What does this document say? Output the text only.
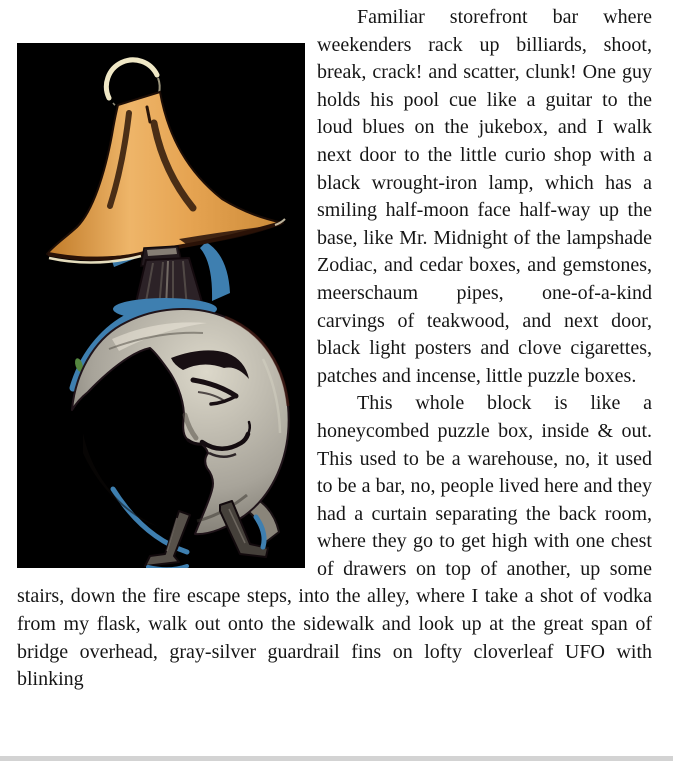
Familiar storefront bar where weekenders rack up billiards, shoot, break, crack! and scatter, clunk! One guy holds his pool cue like a guitar to the loud blues on the jukebox, and I walk next door to the little curio shop with a black wrought-iron lamp, which has a smiling half-moon face half-way up the base, like Mr. Midnight of the lampshade Zodiac, and cedar boxes, and gemstones, meerschaum pipes, one-of-a-kind carvings of teakwood, and next door, black light posters and clove cigarettes, patches and incense, little puzzle boxes.

This whole block is like a honeycombed puzzle box, inside & out. This used to be a warehouse, no, it used to be a bar, no, people lived here and they had a curtain separating the back room, where they go to get high with one chest of drawers on top of another, up some stairs, down the fire escape steps, into the alley, where I take a shot of vodka from my flask, walk out onto the sidewalk and look up at the great span of bridge overhead, gray-silver guardrail fins on lofty cloverleaf UFO with blinking
